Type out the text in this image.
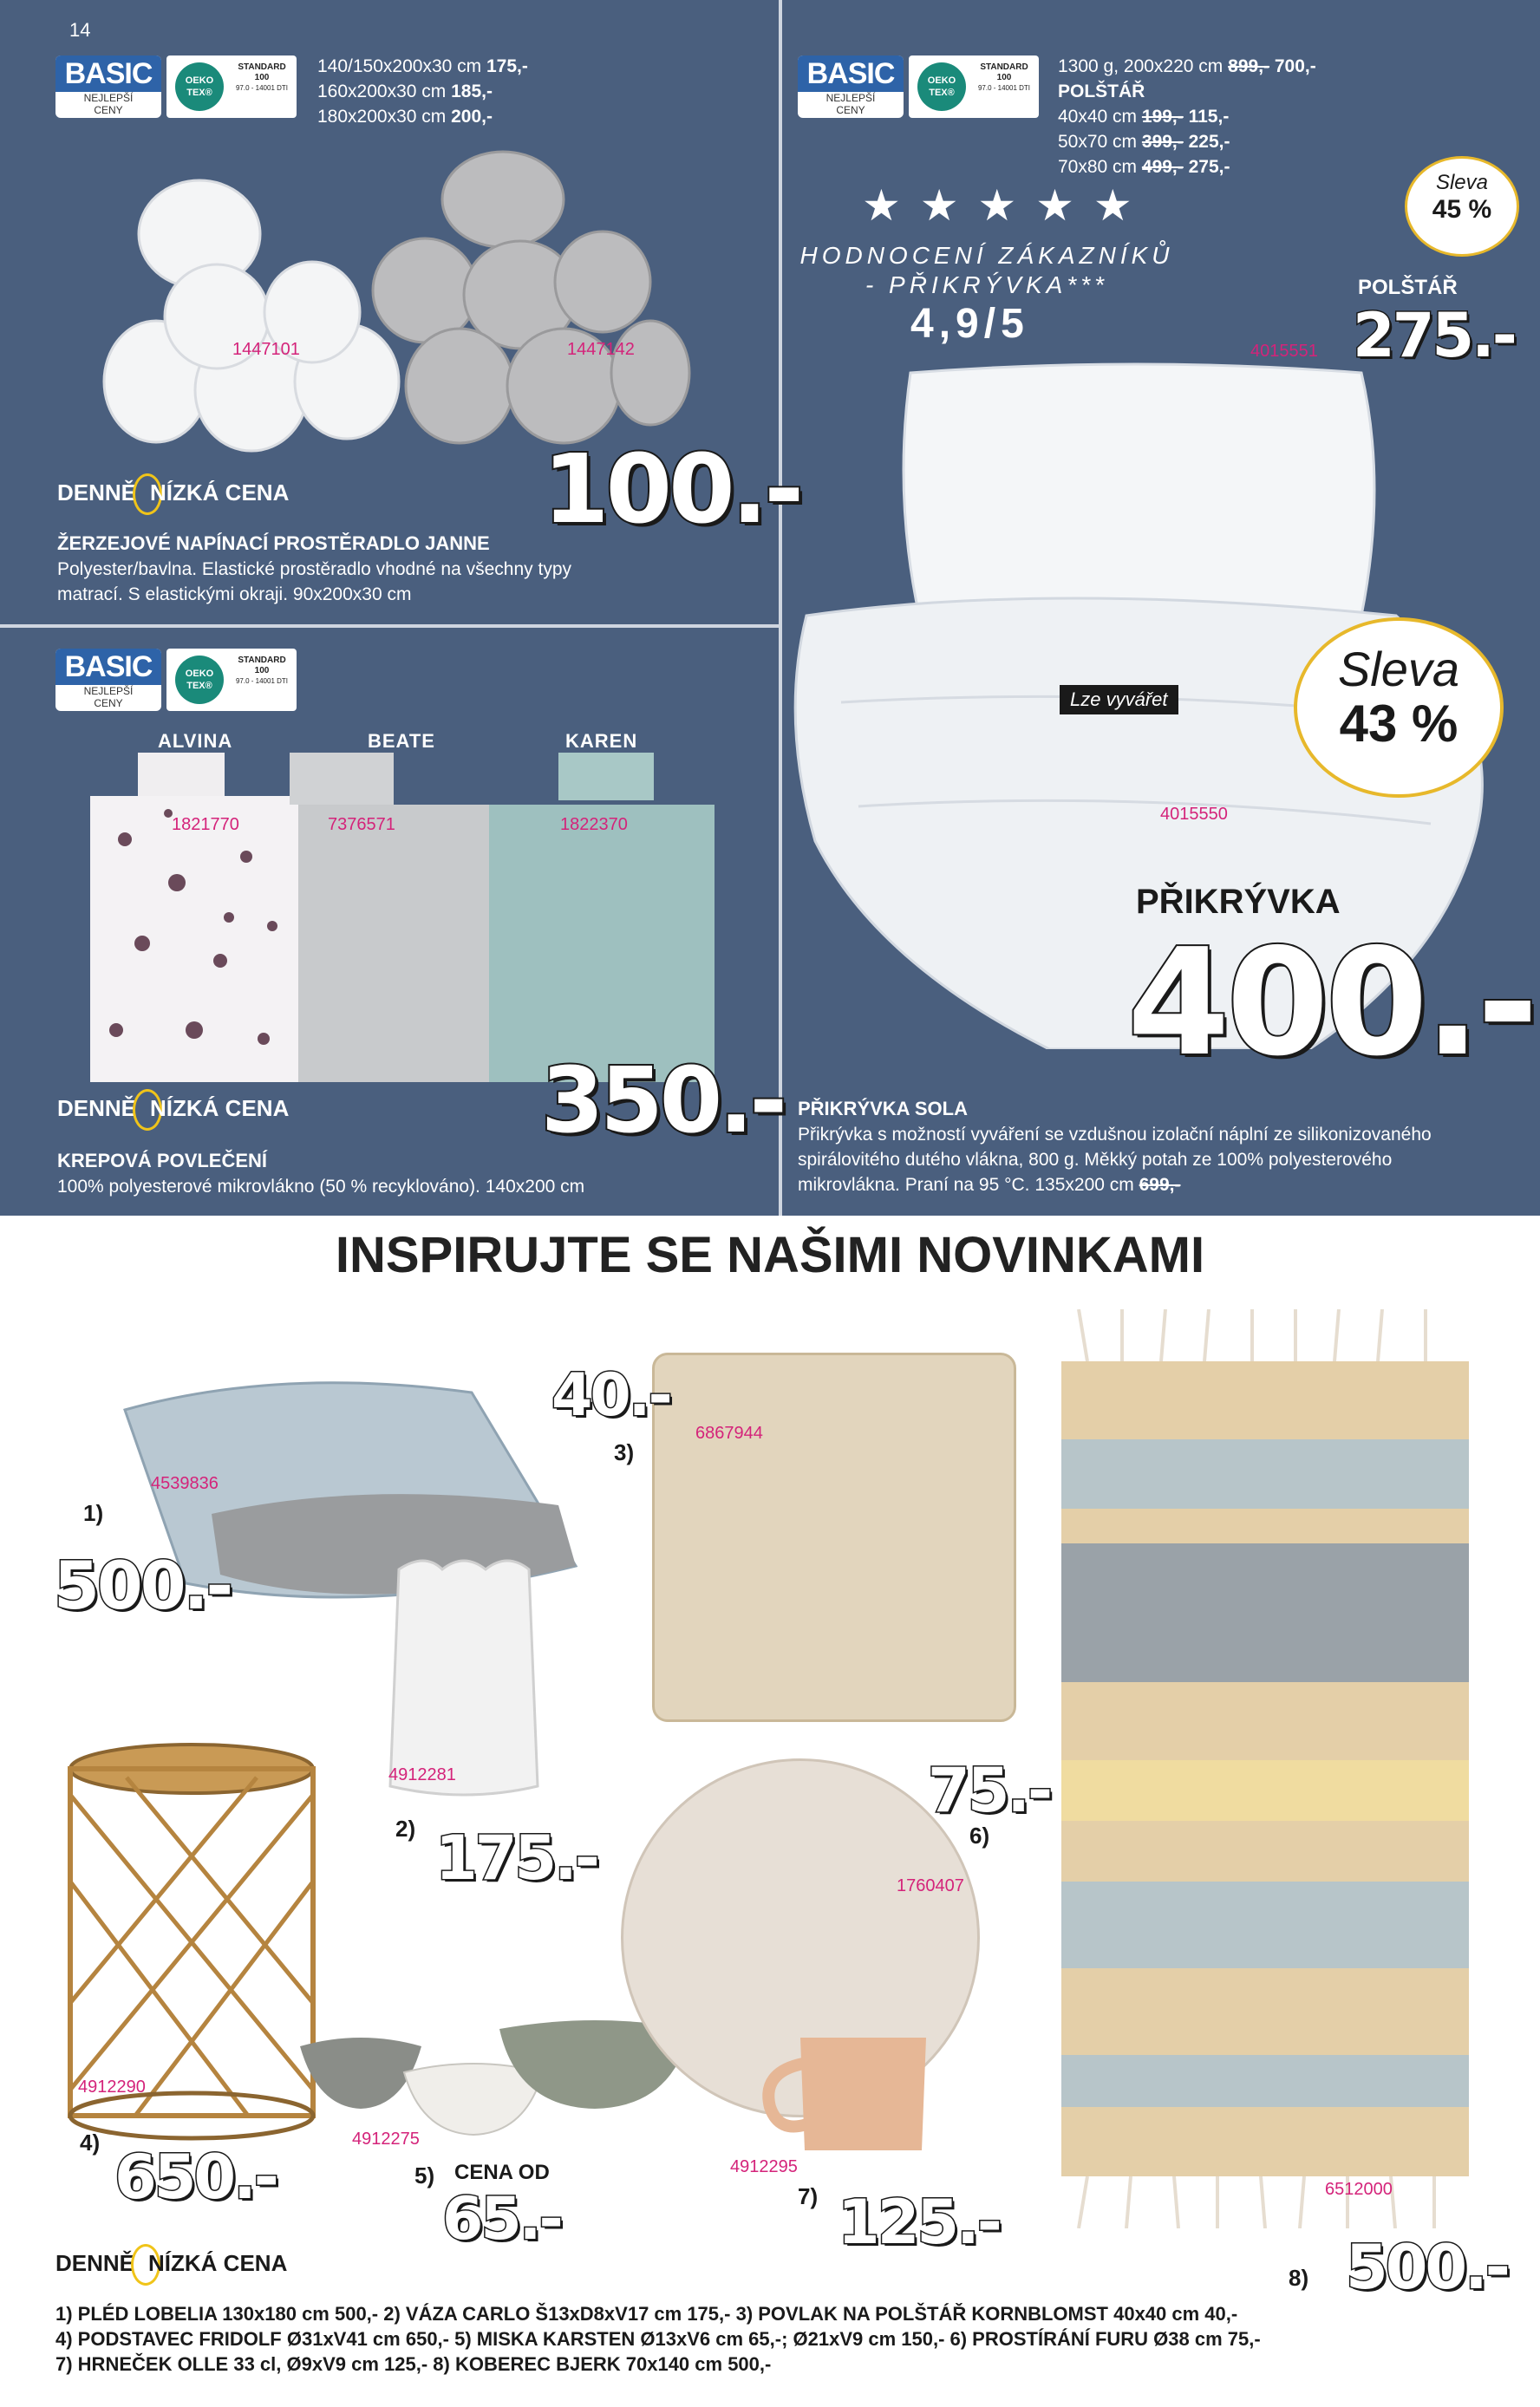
14
BASIC
NEJLEPŠÍ
CENY
OEKO TEX®
STANDARD 100
97.0 - 14001 DTI
140/150x200x30 cm 175,-
160x200x30 cm 185,-
180x200x30 cm 200,-
1447101	1447142
DENNĚ NÍZKÁ CENA	100.-
ŽERZEJOVÉ NAPÍNACÍ PROSTĚRADLO JANNE
Polyester/bavlna. Elastické prostěradlo vhodné na všechny typy matrací. S elastickými okraji. 90x200x30 cm
BASIC
NEJLEPŠÍ
CENY
OEKO TEX®
STANDARD 100
97.0 - 14001 DTI
ALVINA	BEATE	KAREN
1821770	7376571	1822370
DENNĚ NÍZKÁ CENA	350.-
KREPOVÁ POVLEČENÍ
100% polyesterové mikrovlákno (50 % recyklováno). 140x200 cm
BASIC
NEJLEPŠÍ
CENY
OEKO TEX®
STANDARD 100
97.0 - 14001 DTI
1300 g, 200x220 cm 899,- 700,-
POLŠTÁŘ
40x40 cm 199,- 115,-
50x70 cm 399,- 225,-
70x80 cm 499,- 275,-
★ ★ ★ ★ ★
HODNOCENÍ ZÁKAZNÍKŮ
- PŘIKRÝVKA***
4,9/5
Sleva
45 %
POLŠTÁŘ
275.-
4015551
Lze vyvářet
Sleva
43 %
4015550
PŘIKRÝVKA
400.-
PŘIKRÝVKA SOLA
Přikrývka s možností vyváření se vzdušnou izolační náplní ze silikonizovaného spirálovitého dutého vlákna, 800 g. Měkký potah ze 100% polyesterového mikrovlákna. Praní na 95 °C. 135x200 cm 699,-
INSPIRUJTE SE NAŠIMI NOVINKAMI
4539836
1)
500.-
4912281
2) 175.-
6867944
40.-
3)
4912290
4) 650.-
4912275
5) CENA OD
65.-
1760407
75.-
6)
4912295
7) 125.-	6512000
8) 500.-
DENNĚ NÍZKÁ CENA
1) PLÉD LOBELIA 130x180 cm 500,- 2) VÁZA CARLO Š13xD8xV17 cm 175,- 3) POVLAK NA POLŠTÁŘ KORNBLOMST 40x40 cm 40,-
4) PODSTAVEC FRIDOLF Ø31xV41 cm 650,- 5) MISKA KARSTEN Ø13xV6 cm 65,-; Ø21xV9 cm 150,- 6) PROSTÍRÁNÍ FURU Ø38 cm 75,-
7) HRNEČEK OLLE 33 cl, Ø9xV9 cm 125,- 8) KOBEREC BJERK 70x140 cm 500,-
